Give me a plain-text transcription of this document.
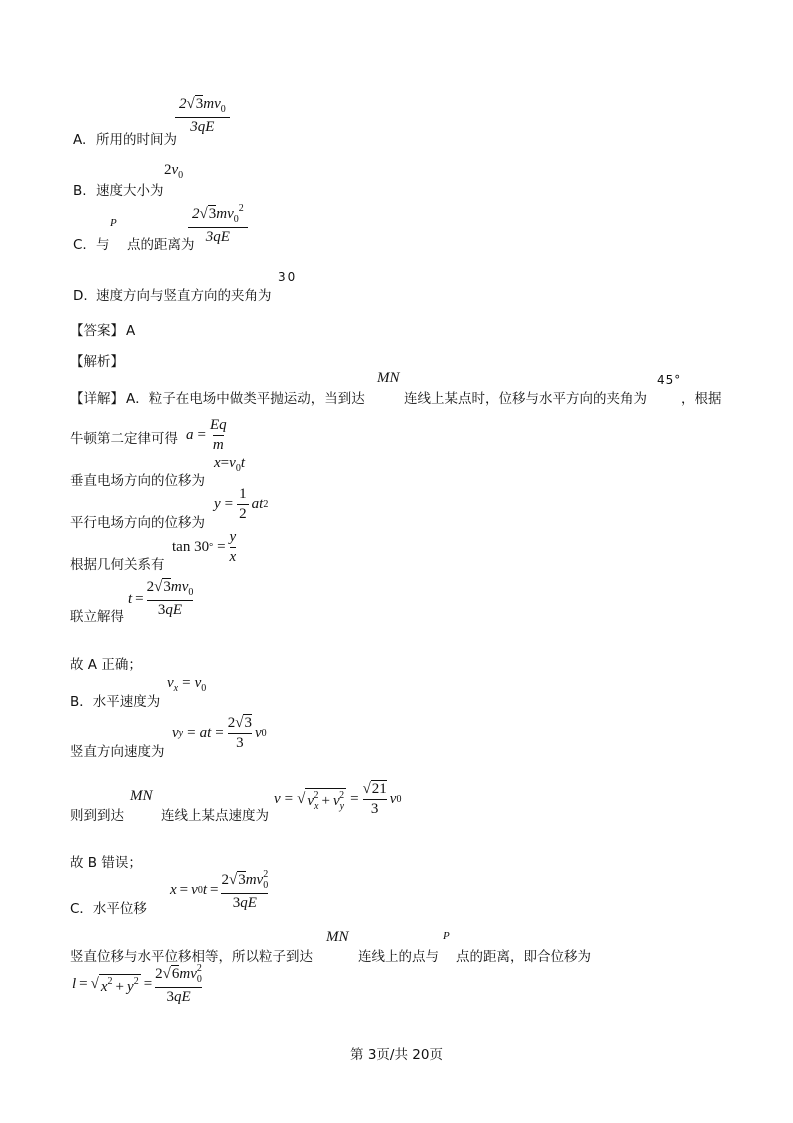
$\frac{2√3mv_0}{3qE}$
A. 所用的时间为
$2v_0$
B. 速度大小为
P	$\frac{2√3mv_0^2}{3qE}$
C. 与 点的距离为
30
D. 速度方向与竖直方向的夹角为
【答案】 A
【解析】
MN	45°
【详解】 A．粒子在电场中做类平抛运动，当到达	连线上某点时，位移与水平方向的夹角为	，根据
$a = \frac{Eq}{m}$
牛顿第二定律可得
$x=v_0t$
垂直电场方向的位移为
$y = \frac{1}{2}$ at 2
平行电场方向的位移为
tan 30 ° = $\frac{y}{x}$
根据几何关系有
$t = \frac{2√3mv_0}{3qE}$
联立解得
故 A 正确；
$v_x = v_0$
B．水平速度为
v y = at = $\frac{2√3}{3}$ v 0
竖直方向速度为
MN	v = √ $v_x^2 + v_y^2 = \frac{√21}{3}$ v 0
则到到达	连线上某点速度为
故 B 错误；
x = v 0 $t = \frac{2√3mv_0^2}{3qE}$
C．水平位移
MN	P
竖直位移与水平位移相等，所以粒子到达	连线上的点与 点的距离，即合位移为
l = √ $x^2 + y^2 = \frac{2√6mv_0^2}{3qE}$
第 3页/共 20页
